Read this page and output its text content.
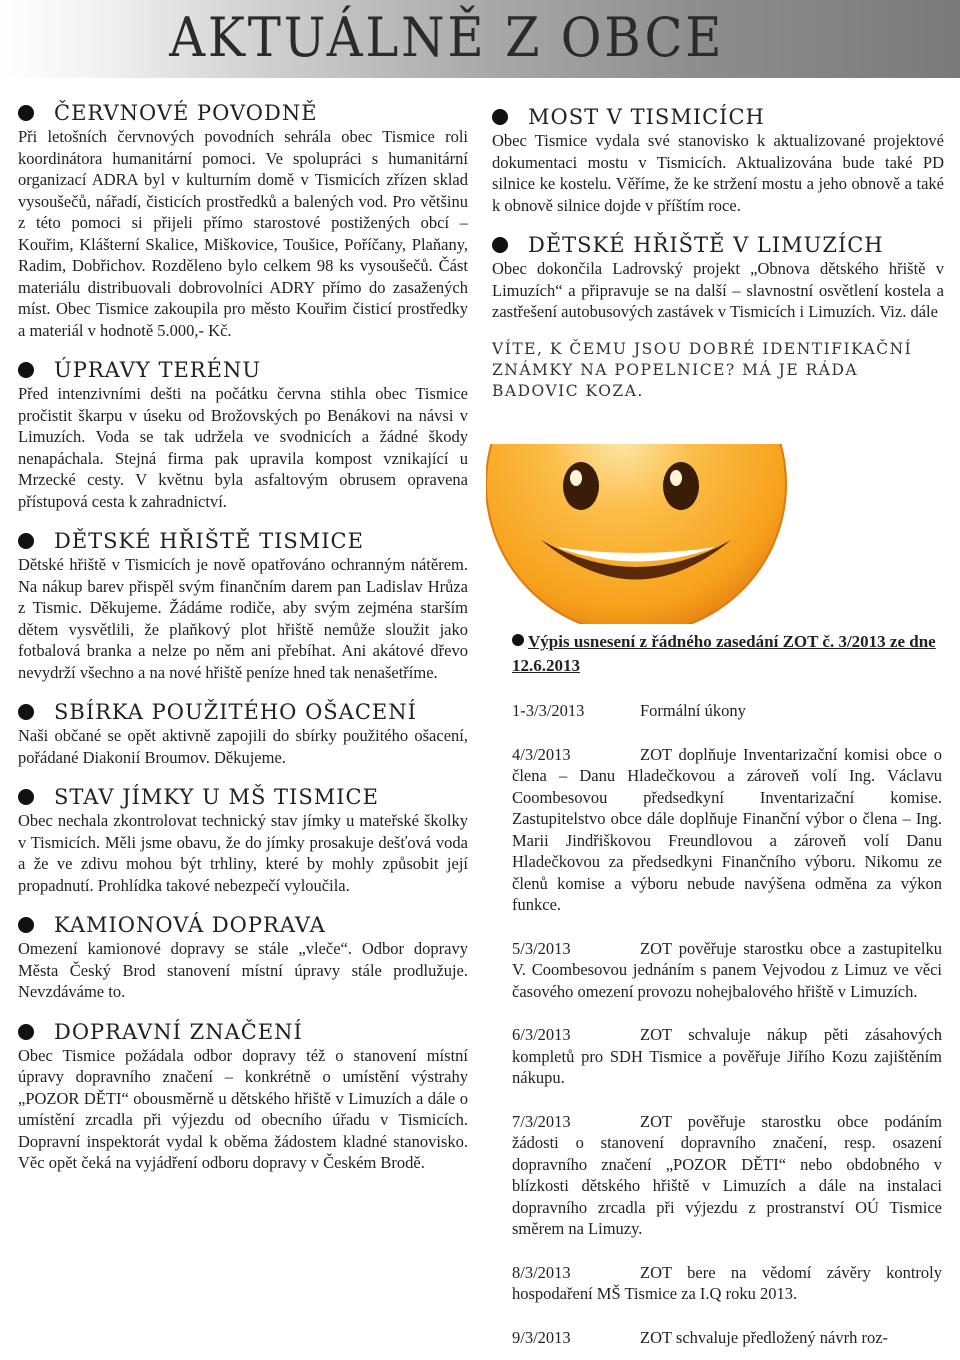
AKTUÁLNĚ Z OBCE
ČERVNOVÉ POVODNĚ

Při letošních červnových povodních sehrála obec Tismice roli koordinátora humanitární pomoci. Ve spolupráci s humanitární organizací ADRA byl v kulturním domě v Tismicích zřízen sklad vysoušečů, nářadí, čisticích prostředků a balených vod. Pro většinu z této pomoci si přijeli přímo starostové postižených obcí – Kouřim, Klášterní Skalice, Miškovice, Toušice, Poříčany, Plaňany, Radim, Dobřichov. Rozděleno bylo celkem 98 ks vysoušečů. Část materiálu distribuovali dobrovolníci ADRY přímo do zasažených míst. Obec Tismice zakoupila pro město Kouřim čisticí prostředky a materiál v hodnotě 5.000,- Kč.

ÚPRAVY TERÉNU

Před intenzivními dešti na počátku června stihla obec Tismice pročistit škarpu v úseku od Brožovských po Benákovi na návsi v Limuzích. Voda se tak udržela ve svodnicích a žádné škody nenapáchala. Stejná firma pak upravila kompost vznikající u Mrzecké cesty. V květnu byla asfaltovým obrusem opravena přístupová cesta k zahradnictví.

DĚTSKÉ HŘIŠTĚ TISMICE

Dětské hřiště v Tismicích je nově opatřováno ochranným nátěrem. Na nákup barev přispěl svým finančním darem pan Ladislav Hrůza z Tismic. Děkujeme. Žádáme rodiče, aby svým zejména starším dětem vysvětlili, že plaňkový plot hřiště nemůže sloužit jako fotbalová branka a nelze po něm ani přebíhat. Ani akátové dřevo nevydrží všechno a na nové hřiště peníze hned tak nenašetříme.

SBÍRKA POUŽITÉHO OŠACENÍ

Naši občané se opět aktivně zapojili do sbírky použitého ošacení, pořádané Diakonií Broumov. Děkujeme.

STAV JÍMKY U MŠ TISMICE

Obec nechala zkontrolovat technický stav jímky u mateřské školky v Tismicích. Měli jsme obavu, že do jímky prosakuje dešťová voda a že ve zdivu mohou být trhliny, které by mohly způsobit její propadnutí. Prohlídka takové nebezpečí vyloučila.

KAMIONOVÁ DOPRAVA

Omezení kamionové dopravy se stále „vleče“. Odbor dopravy Města Český Brod stanovení místní úpravy stále prodlužuje. Nevzdáváme to.

DOPRAVNÍ ZNAČENÍ

Obec Tismice požádala odbor dopravy též o stanovení místní úpravy dopravního značení – konkrétně o umístění výstrahy „POZOR DĚTI“ obousměrně u dětského hřiště v Limuzích a dále o umístění zrcadla při výjezdu od obecního úřadu v Tismicích. Dopravní inspektorát vydal k oběma žádostem kladné stanovisko. Věc opět čeká na vyjádření odboru dopravy v Českém Brodě.

MOST V TISMICÍCH

Obec Tismice vydala své stanovisko k aktualizované projektové dokumentaci mostu v Tismicích. Aktualizována bude také PD silnice ke kostelu. Věříme, že ke stržení mostu a jeho obnově a také k obnově silnice dojde v příštím roce.

DĚTSKÉ HŘIŠTĚ V LIMUZÍCH

Obec dokončila Ladrovský projekt „Obnova dětského hřiště v Limuzích“ a připravuje se na další – slavnostní osvětlení kostela a zastřešení autobusových zastávek v Tismicích i Limuzích. Viz. dále

VÍTE, K ČEMU JSOU DOBRÉ IDENTIFIKAČNÍ ZNÁMKY NA POPELNICE? MÁ JE RÁDA BADOVIC KOZA.
Výpis usnesení z řádného zasedání ZOT č. 3/2013 ze dne 12.6.2013
1-3/3/2013	Formální úkony
4/3/2013	ZOT doplňuje Inventarizační komisi obce o člena – Danu Hladečkovou a zároveň volí Ing. Václavu Coombesovou předsedkyní Inventarizační komise. Zastupitelstvo obce dále doplňuje Finanční výbor o člena – Ing. Marii Jindřiškovou Freundlovou a zároveň volí Danu Hladečkovou za předsedkyni Finančního výboru. Nikomu ze členů komise a výboru nebude navýšena odměna za výkon funkce.
5/3/2013	ZOT pověřuje starostku obce a zastupitelku V. Coombesovou jednáním s panem Vejvodou z Limuz ve věci časového omezení provozu nohejbalového hřiště v Limuzích.
6/3/2013	ZOT schvaluje nákup pěti zásahových kompletů pro SDH Tismice a pověřuje Jiřího Kozu zajištěním nákupu.
7/3/2013	ZOT pověřuje starostku obce podáním žádosti o stanovení dopravního značení, resp. osazení dopravního značení „POZOR DĚTI“ nebo obdobného v blízkosti dětského hřiště v Limuzích a dále na instalaci dopravního zrcadla při výjezdu z prostranství OÚ Tismice směrem na Limuzy.
8/3/2013	ZOT bere na vědomí závěry kontroly hospodaření MŠ Tismice za I.Q roku 2013.
9/3/2013	ZOT schvaluje předložený návrh roz-
